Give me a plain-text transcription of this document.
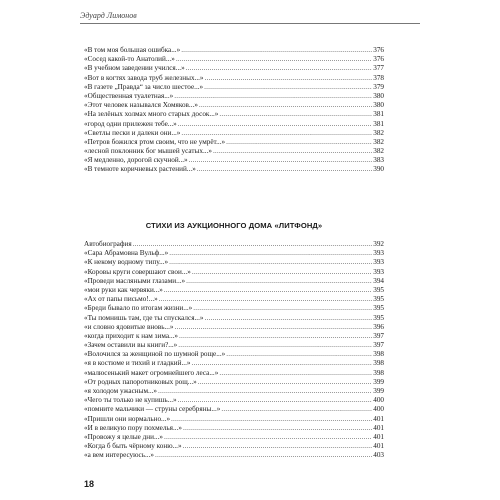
Эдуард Лимонов
«В том моя большая ошибка...» .....	376
«Сосед какой-то Анатолий...» .....	376
«В учебном заведении учился...» .....	377
«Вот в когтях завода труб железных...» .....	378
«В газете „Правда“ за число шестое...» .....	379
«Общественная туалетная...» .....	380
«Этот человек назывался Хомяков...» .....	380
«На зелёных холмах много старых досок...» .....	381
«город одни прилежен тебе...» .....	381
«Светлы пески и далеки они...» .....	382
«Петров божился ртом своим, что не умрёт...» .....	382
«лесной поклонник бог мышей усатых...» .....	382
«Я медленно, дорогой скучной...» .....	383
«В темноте коричневых растений...» .....	390
СТИХИ ИЗ АУКЦИОННОГО ДОМА «ЛИТФОНД»
Автобиография .....	392
«Сара Абрамовна Вульф...» .....	393
«К некому водному типу...» .....	393
«Коровы круги совершают свои...» .....	393
«Проведи масляными глазами...» .....	394
«мои руки как червяки...» .....	395
«Ах от папы письмо!...» .....	395
«Бреди бывало по итогам жизни...» .....	395
«Ты помнишь там, где ты спускался...» .....	395
«и словно ядовитые вновь...» .....	396
«когда приходит к нам зима...» .....	397
«Зачем оставили вы книги?...» .....	397
«Волочился за женщиной по шумной роще...» .....	398
«я в костюме и тихий и гладкий...» .....	398
«малюсенький макет огромнейшего леса...» .....	398
«От родных папоротниковых рощ...» .....	399
«я холодом ужасным...» .....	399
«Чего ты только не купишь...» .....	400
«помните мальчики — струны серебряны...» .....	400
«Пришли они нормально...» .....	401
«И в великую пору похмелья...» .....	401
«Провожу я целые дни...» .....	401
«Когда б быть чёрному коню...» .....	401
«а вем интересуюсь...» .....	403
18
